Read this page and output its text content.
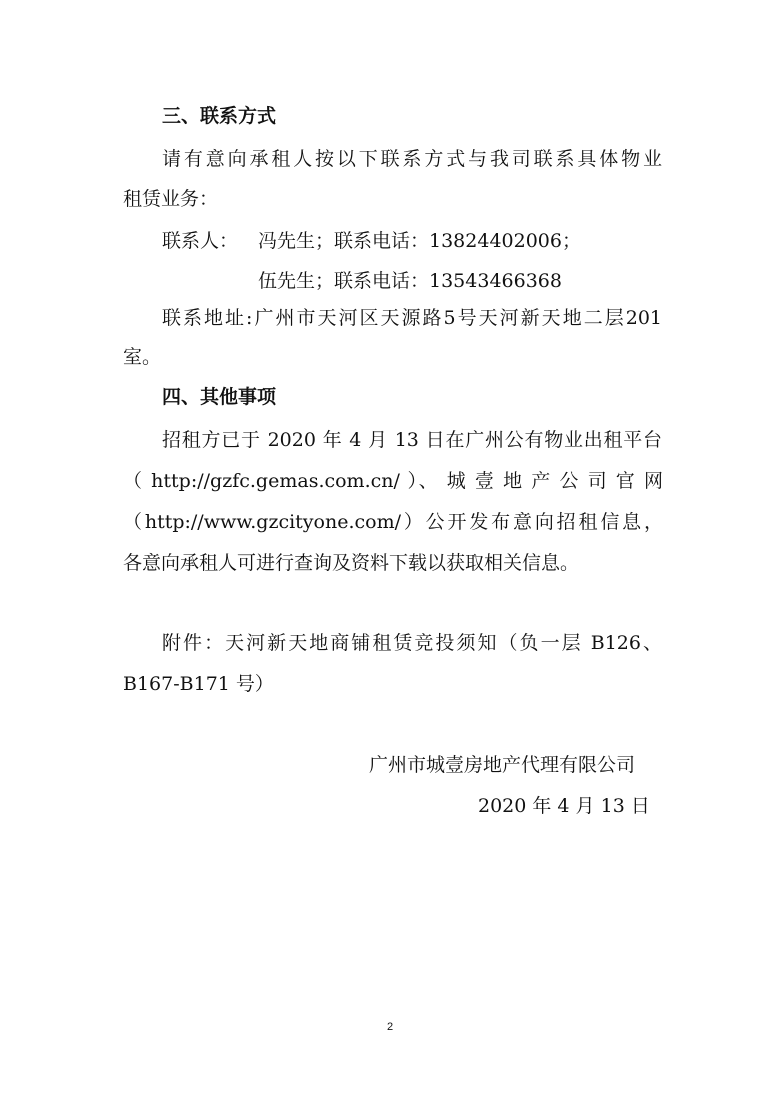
三、联系方式
请有意向承租人按以下联系方式与我司联系具体物业
租赁业务：
联系人： 冯先生；联系电话：13824402006；
伍先生；联系电话：13543466368
联系地址:广州市天河区天源路5号天河新天地二层201
室。
四、其他事项
招租方已于 2020 年 4 月 13 日在广州公有物业出租平台
（ http://gzfc.gemas.com.cn/ ）、 城 壹 地 产 公 司 官 网
（http://www.gzcityone.com/）公开发布意向招租信息，
各意向承租人可进行查询及资料下载以获取相关信息。
附件：天河新天地商铺租赁竞投须知（负一层 B126、
B167-B171 号）
广州市城壹房地产代理有限公司
2020 年 4 月 13 日
2
